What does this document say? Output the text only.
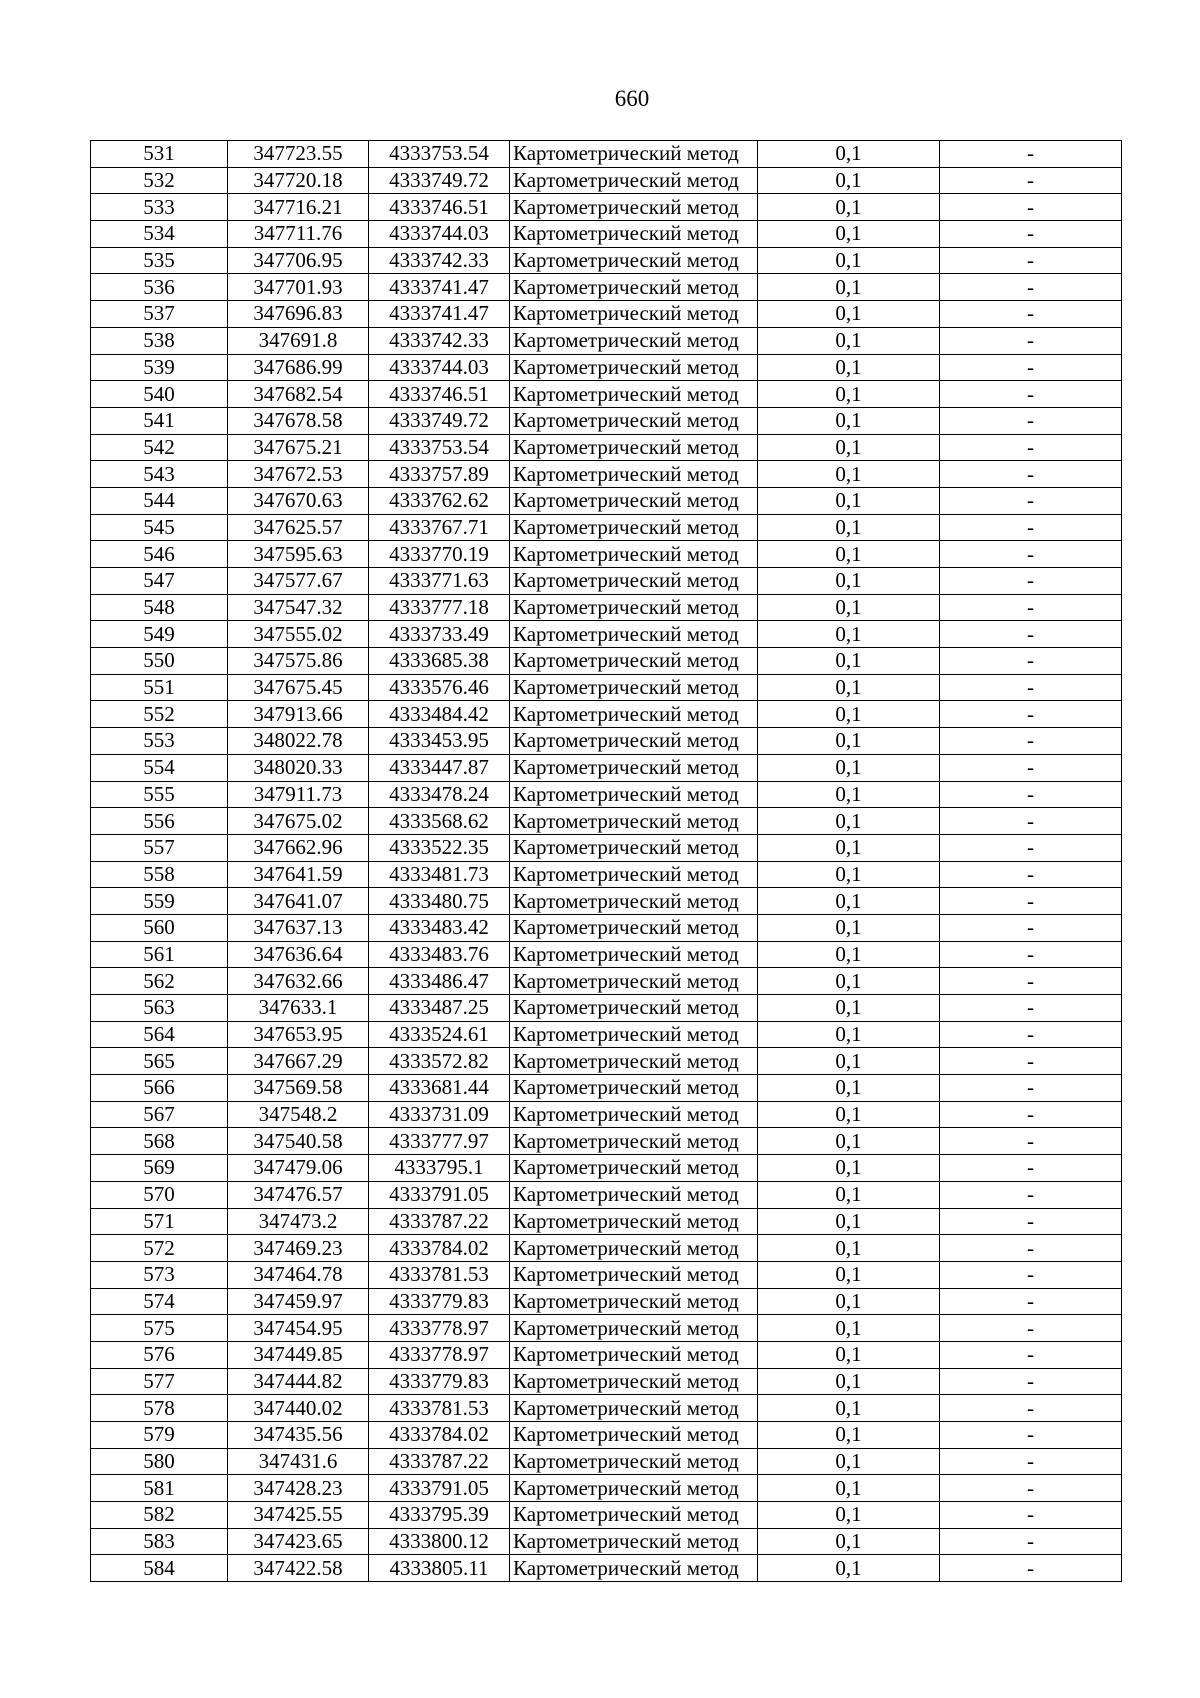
660
531	347723.55	4333753.54	Картометрический метод	0,1	-
532	347720.18	4333749.72	Картометрический метод	0,1	-
533	347716.21	4333746.51	Картометрический метод	0,1	-
534	347711.76	4333744.03	Картометрический метод	0,1	-
535	347706.95	4333742.33	Картометрический метод	0,1	-
536	347701.93	4333741.47	Картометрический метод	0,1	-
537	347696.83	4333741.47	Картометрический метод	0,1	-
538	347691.8	4333742.33	Картометрический метод	0,1	-
539	347686.99	4333744.03	Картометрический метод	0,1	-
540	347682.54	4333746.51	Картометрический метод	0,1	-
541	347678.58	4333749.72	Картометрический метод	0,1	-
542	347675.21	4333753.54	Картометрический метод	0,1	-
543	347672.53	4333757.89	Картометрический метод	0,1	-
544	347670.63	4333762.62	Картометрический метод	0,1	-
545	347625.57	4333767.71	Картометрический метод	0,1	-
546	347595.63	4333770.19	Картометрический метод	0,1	-
547	347577.67	4333771.63	Картометрический метод	0,1	-
548	347547.32	4333777.18	Картометрический метод	0,1	-
549	347555.02	4333733.49	Картометрический метод	0,1	-
550	347575.86	4333685.38	Картометрический метод	0,1	-
551	347675.45	4333576.46	Картометрический метод	0,1	-
552	347913.66	4333484.42	Картометрический метод	0,1	-
553	348022.78	4333453.95	Картометрический метод	0,1	-
554	348020.33	4333447.87	Картометрический метод	0,1	-
555	347911.73	4333478.24	Картометрический метод	0,1	-
556	347675.02	4333568.62	Картометрический метод	0,1	-
557	347662.96	4333522.35	Картометрический метод	0,1	-
558	347641.59	4333481.73	Картометрический метод	0,1	-
559	347641.07	4333480.75	Картометрический метод	0,1	-
560	347637.13	4333483.42	Картометрический метод	0,1	-
561	347636.64	4333483.76	Картометрический метод	0,1	-
562	347632.66	4333486.47	Картометрический метод	0,1	-
563	347633.1	4333487.25	Картометрический метод	0,1	-
564	347653.95	4333524.61	Картометрический метод	0,1	-
565	347667.29	4333572.82	Картометрический метод	0,1	-
566	347569.58	4333681.44	Картометрический метод	0,1	-
567	347548.2	4333731.09	Картометрический метод	0,1	-
568	347540.58	4333777.97	Картометрический метод	0,1	-
569	347479.06	4333795.1	Картометрический метод	0,1	-
570	347476.57	4333791.05	Картометрический метод	0,1	-
571	347473.2	4333787.22	Картометрический метод	0,1	-
572	347469.23	4333784.02	Картометрический метод	0,1	-
573	347464.78	4333781.53	Картометрический метод	0,1	-
574	347459.97	4333779.83	Картометрический метод	0,1	-
575	347454.95	4333778.97	Картометрический метод	0,1	-
576	347449.85	4333778.97	Картометрический метод	0,1	-
577	347444.82	4333779.83	Картометрический метод	0,1	-
578	347440.02	4333781.53	Картометрический метод	0,1	-
579	347435.56	4333784.02	Картометрический метод	0,1	-
580	347431.6	4333787.22	Картометрический метод	0,1	-
581	347428.23	4333791.05	Картометрический метод	0,1	-
582	347425.55	4333795.39	Картометрический метод	0,1	-
583	347423.65	4333800.12	Картометрический метод	0,1	-
584	347422.58	4333805.11	Картометрический метод	0,1	-
